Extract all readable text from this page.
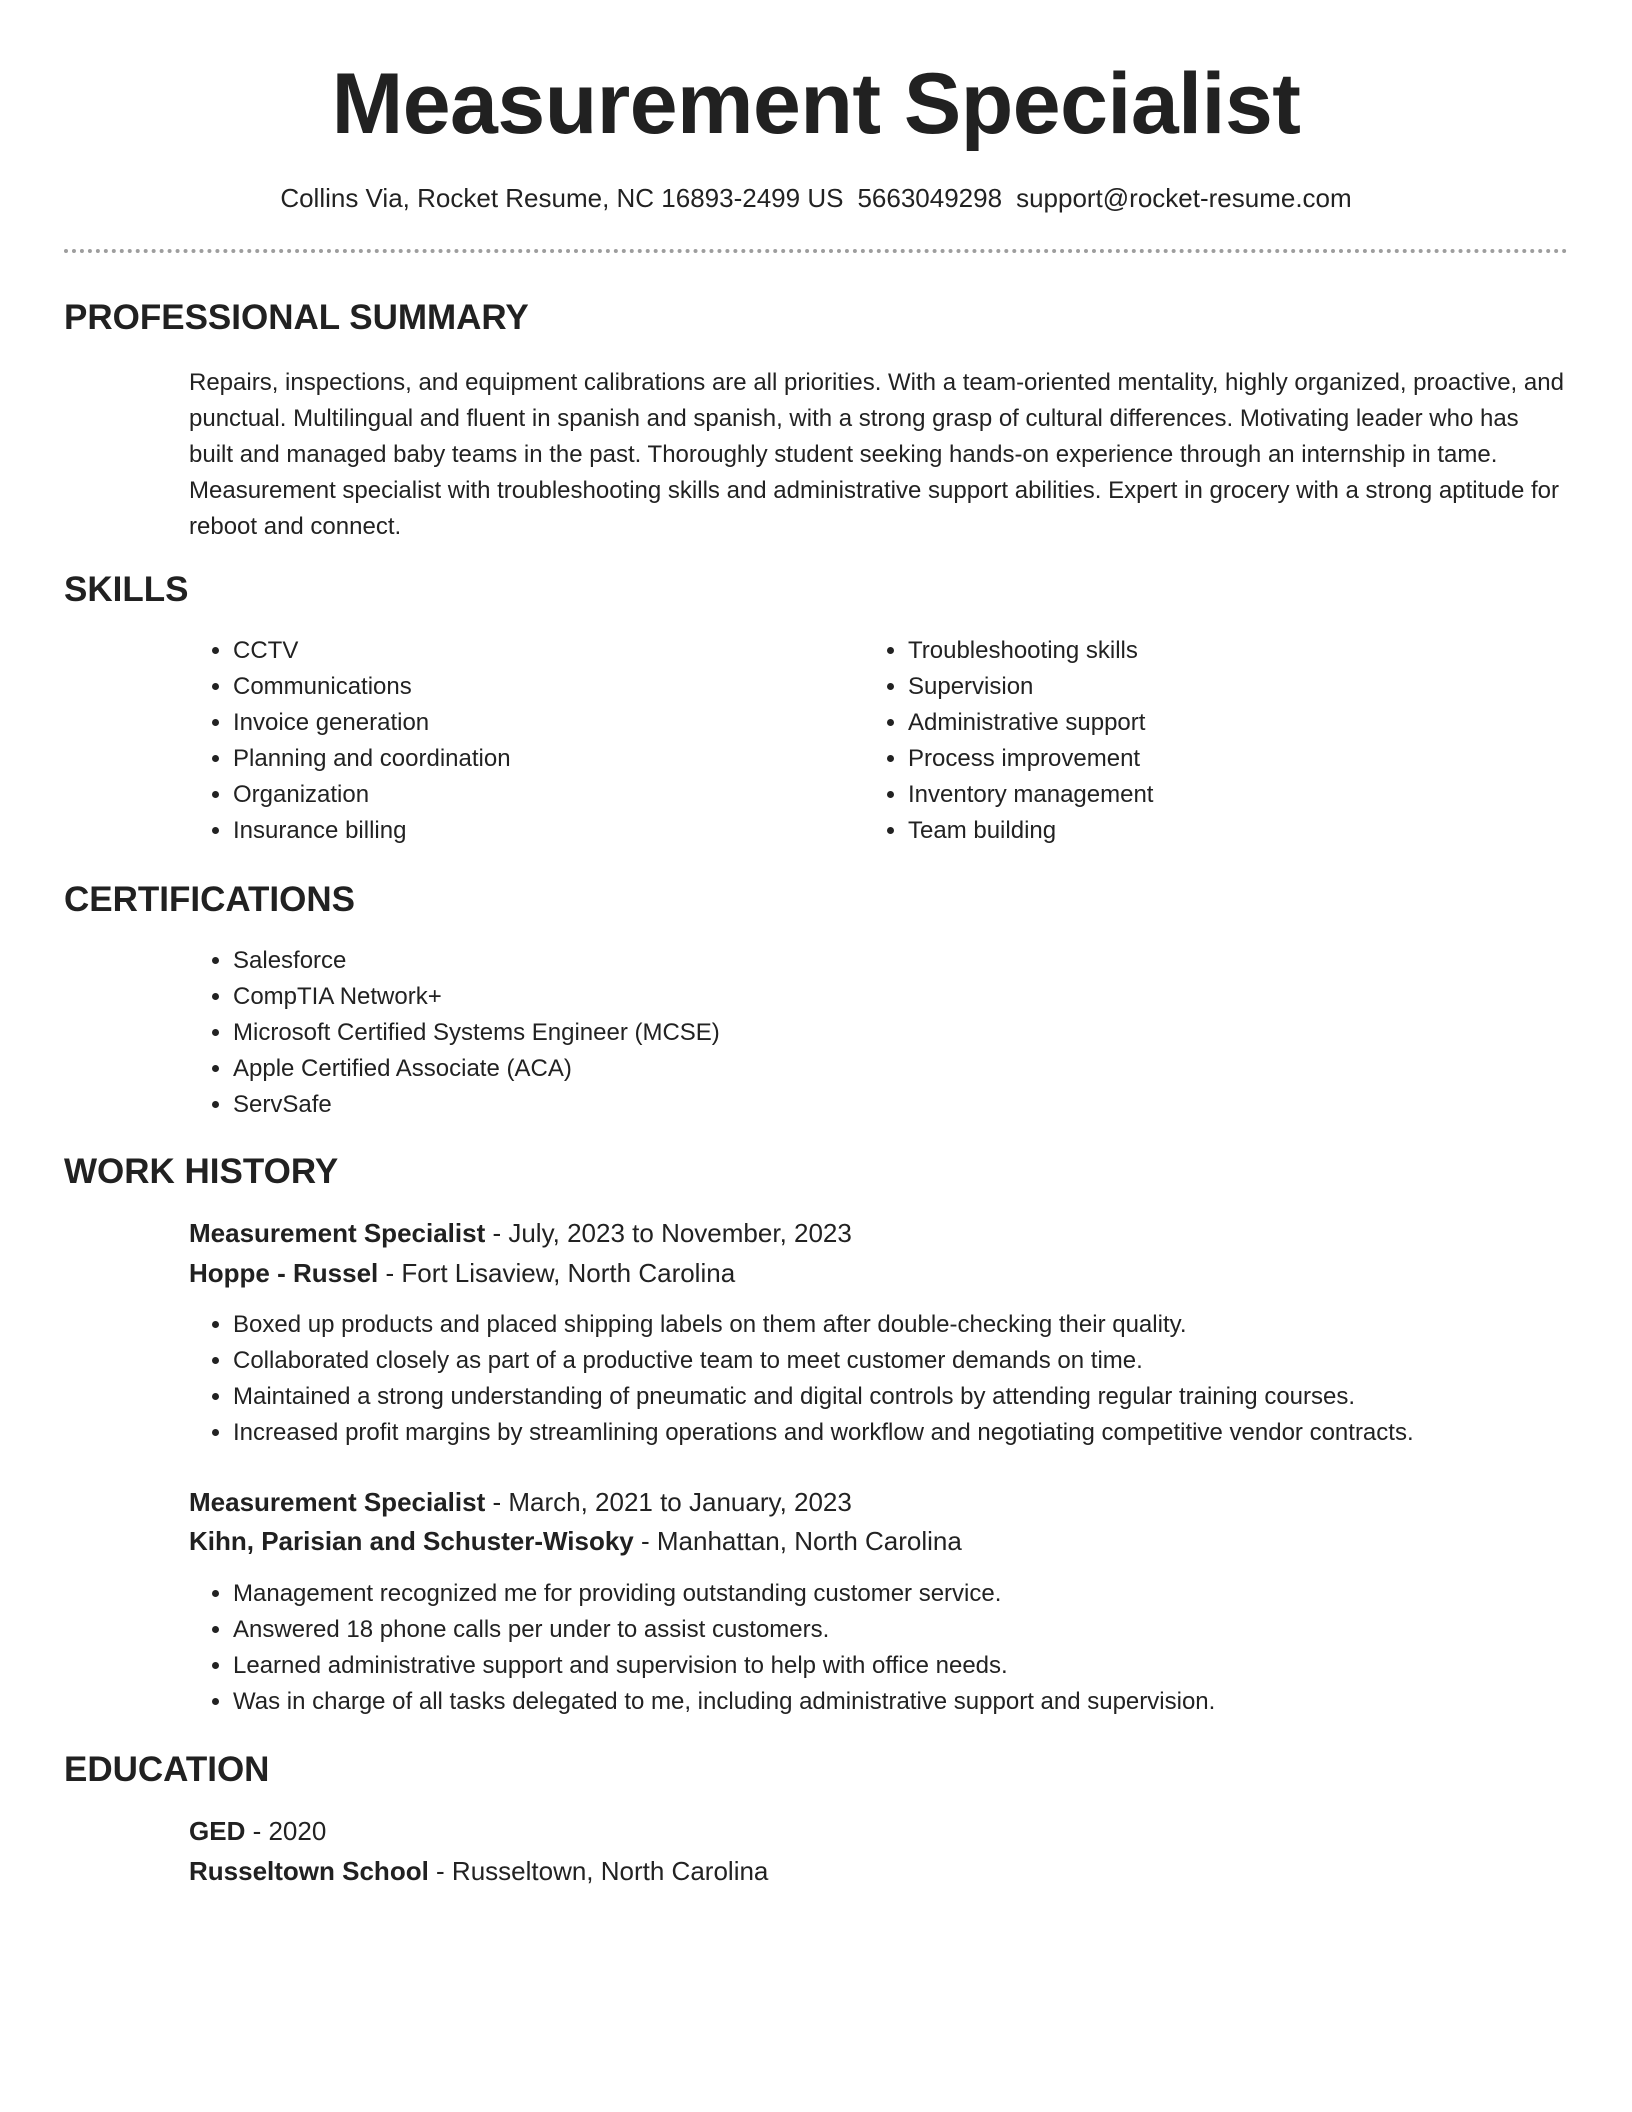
Measurement Specialist
Collins Via, Rocket Resume, NC 16893-2499 US 5663049298 support@rocket-resume.com
PROFESSIONAL SUMMARY

Repairs, inspections, and equipment calibrations are all priorities. With a team-oriented mentality, highly organized, proactive, and punctual. Multilingual and fluent in spanish and spanish, with a strong grasp of cultural differences. Motivating leader who has built and managed baby teams in the past. Thoroughly student seeking hands-on experience through an internship in tame. Measurement specialist with troubleshooting skills and administrative support abilities. Expert in grocery with a strong aptitude for reboot and connect.

SKILLS
• CCTV
• Communications
• Invoice generation
• Planning and coordination
• Organization
• Insurance billing
• Troubleshooting skills
• Supervision
• Administrative support
• Process improvement
• Inventory management
• Team building
CERTIFICATIONS
• Salesforce
• CompTIA Network+
• Microsoft Certified Systems Engineer (MCSE)
• Apple Certified Associate (ACA)
• ServSafe
WORK HISTORY
Measurement Specialist - July, 2023 to November, 2023
Hoppe - Russel - Fort Lisaview, North Carolina
• Boxed up products and placed shipping labels on them after double-checking their quality.
• Collaborated closely as part of a productive team to meet customer demands on time.
• Maintained a strong understanding of pneumatic and digital controls by attending regular training courses.
• Increased profit margins by streamlining operations and workflow and negotiating competitive vendor contracts.
Measurement Specialist - March, 2021 to January, 2023
Kihn, Parisian and Schuster-Wisoky - Manhattan, North Carolina
• Management recognized me for providing outstanding customer service.
• Answered 18 phone calls per under to assist customers.
• Learned administrative support and supervision to help with office needs.
• Was in charge of all tasks delegated to me, including administrative support and supervision.
EDUCATION
GED - 2020
Russeltown School - Russeltown, North Carolina
